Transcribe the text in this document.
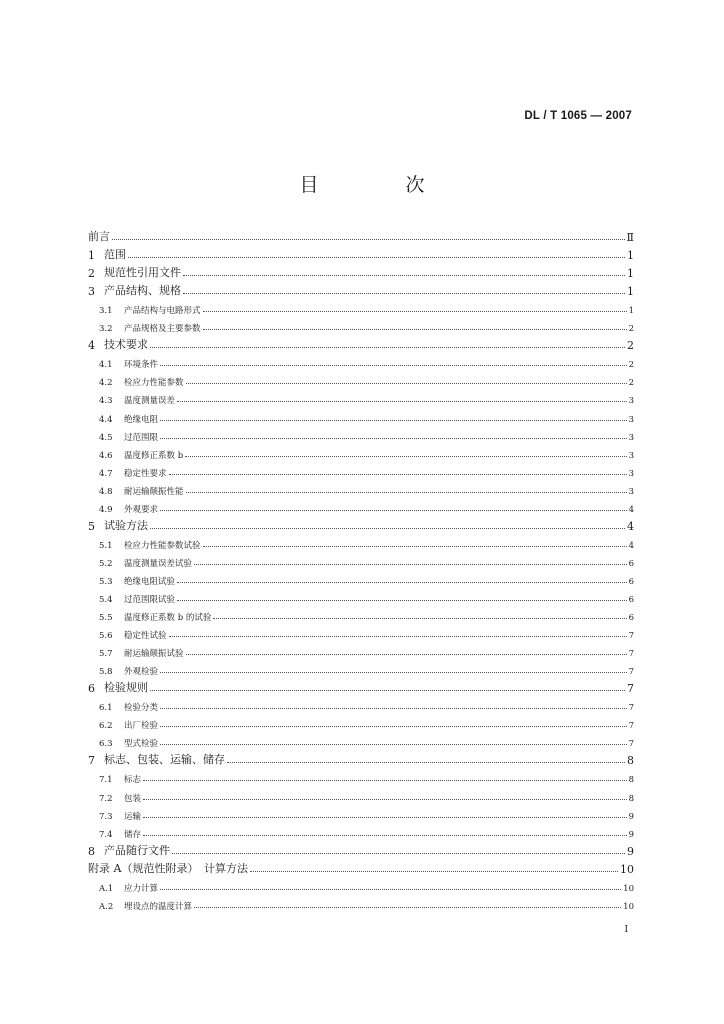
DL / T 1065 — 2007
目　次
前言	Ⅱ
1 范围	1
2 规范性引用文件	1
3 产品结构、规格	1
3.1	产品结构与电路形式	1
3.2	产品规格及主要参数	2
4 技术要求	2
4.1	环境条件	2
4.2	检应力性能参数	2
4.3	温度测量误差	3
4.4	绝缘电阻	3
4.5	过范围限	3
4.6	温度修正系数 b	3
4.7	稳定性要求	3
4.8	耐运输颠振性能	3
4.9	外观要求	4
5 试验方法	4
5.1	检应力性能参数试验	4
5.2	温度测量误差试验	6
5.3	绝缘电阻试验	6
5.4	过范围限试验	6
5.5	温度修正系数 b 的试验	6
5.6	稳定性试验	7
5.7	耐运输颠振试验	7
5.8	外观检验	7
6 检验规则	7
6.1	检验分类	7
6.2	出厂检验	7
6.3	型式检验	7
7 标志、包装、运输、储存	8
7.1	标志	8
7.2	包装	8
7.3	运输	9
7.4	储存	9
8 产品随行文件	9
附录 A（规范性附录）　计算方法	10
A.1	应力计算	10
A.2	埋设点的温度计算	10
I
